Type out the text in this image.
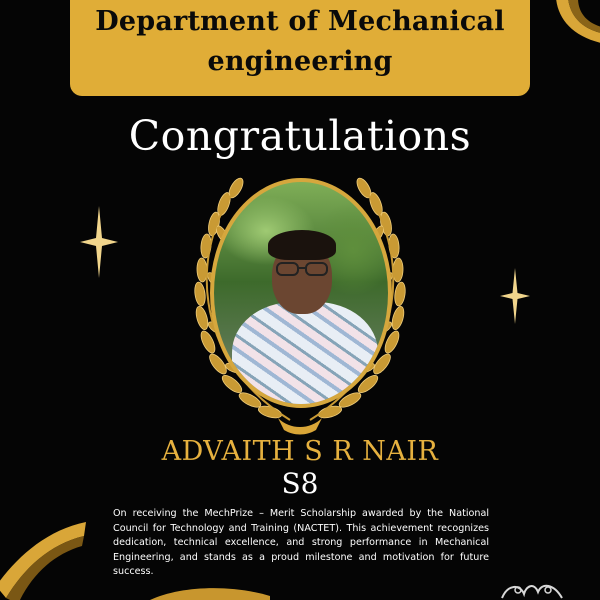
Department of Mechanical
engineering
Congratulations
ADVAITH S R NAIR
S8

On receiving the MechPrize – Merit Scholarship awarded by the National Council for Technology and Training (NACTET). This achievement recognizes dedication, technical excellence, and strong performance in Mechanical Engineering, and stands as a proud milestone and motivation for future success.
